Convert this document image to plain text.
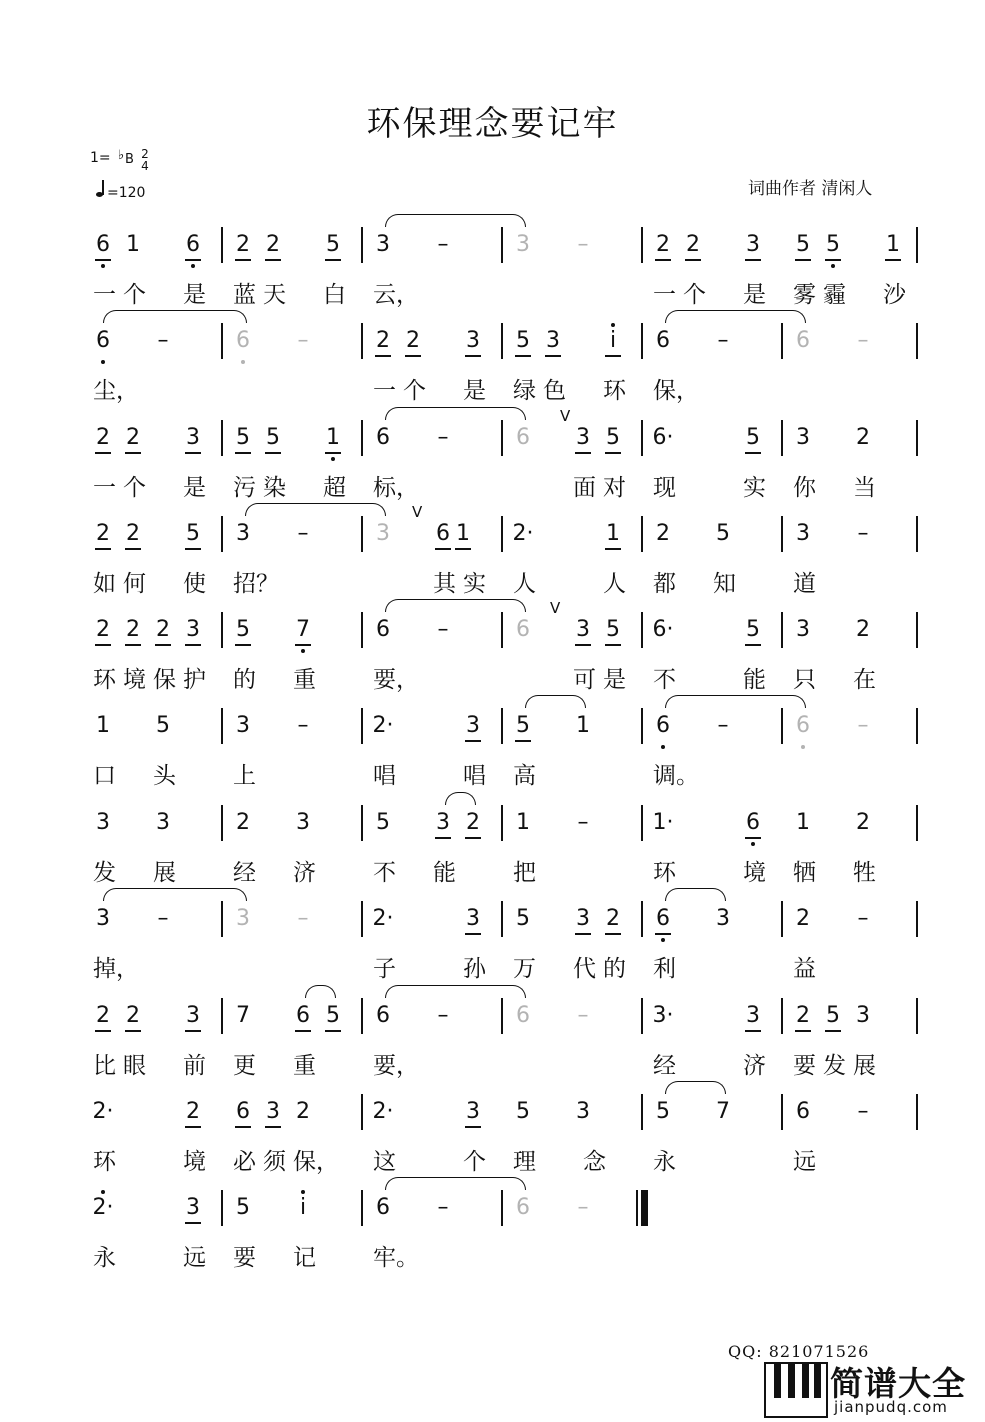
环保理念要记牢
1= ♭ B 2
4
=120	词曲作者 清闲人
6 1 6 2 2 5 3 –	3 –	2 2 3 5 5 1
一 个 是 蓝 天 白 云，	一 个 是 雾 霾 沙
6 –	6 –	2 2 3 5 3	i	6 –	6 –
尘，	一 个 是 绿 色 环 保，
2 2 3 5 5 1 6 –	6 3 5 6·	5 3 2
一 个 是 污 染 超 标，	面 对 现	实 你 当
V
2 2 5 3 –	3 6 1 2·	1 2 5	3 –
如 何 使 招？	其 实 人	人 都 知 道
V
2 2 2 3 5 7	6 –	6 3 5 6·	5 3 2
环 境 保 护 的 重 要，	可 是 不	能 只 在
V
1 5	3 –	2·	3 5 1	6 –	6 –
口 头 上	唱	唱 高	调。
3 3	2 3	5 3 2 1 –	1·	6 1 2
发 展 经 济 不 能 把	环	境 牺 牲
3 –	3 –	2·	3 5 3 2 6 3	2 –
掉，	子	孙 万 代 的 利	益
2 2 3 7 6 5 6 –	6 –	3·	3 2 5 3
比 眼 前 更 重 要，	经	济 要 发 展
2·	2 6 3 2	2·	3 5 3	5 7	6 –
环	境 必 须 保， 这	个 理 念 永	远
2·	3 5	i	6 –	6 –
永	远 要 记 牢。
QQ: 821071526
简谱大全
jianpudq.com
